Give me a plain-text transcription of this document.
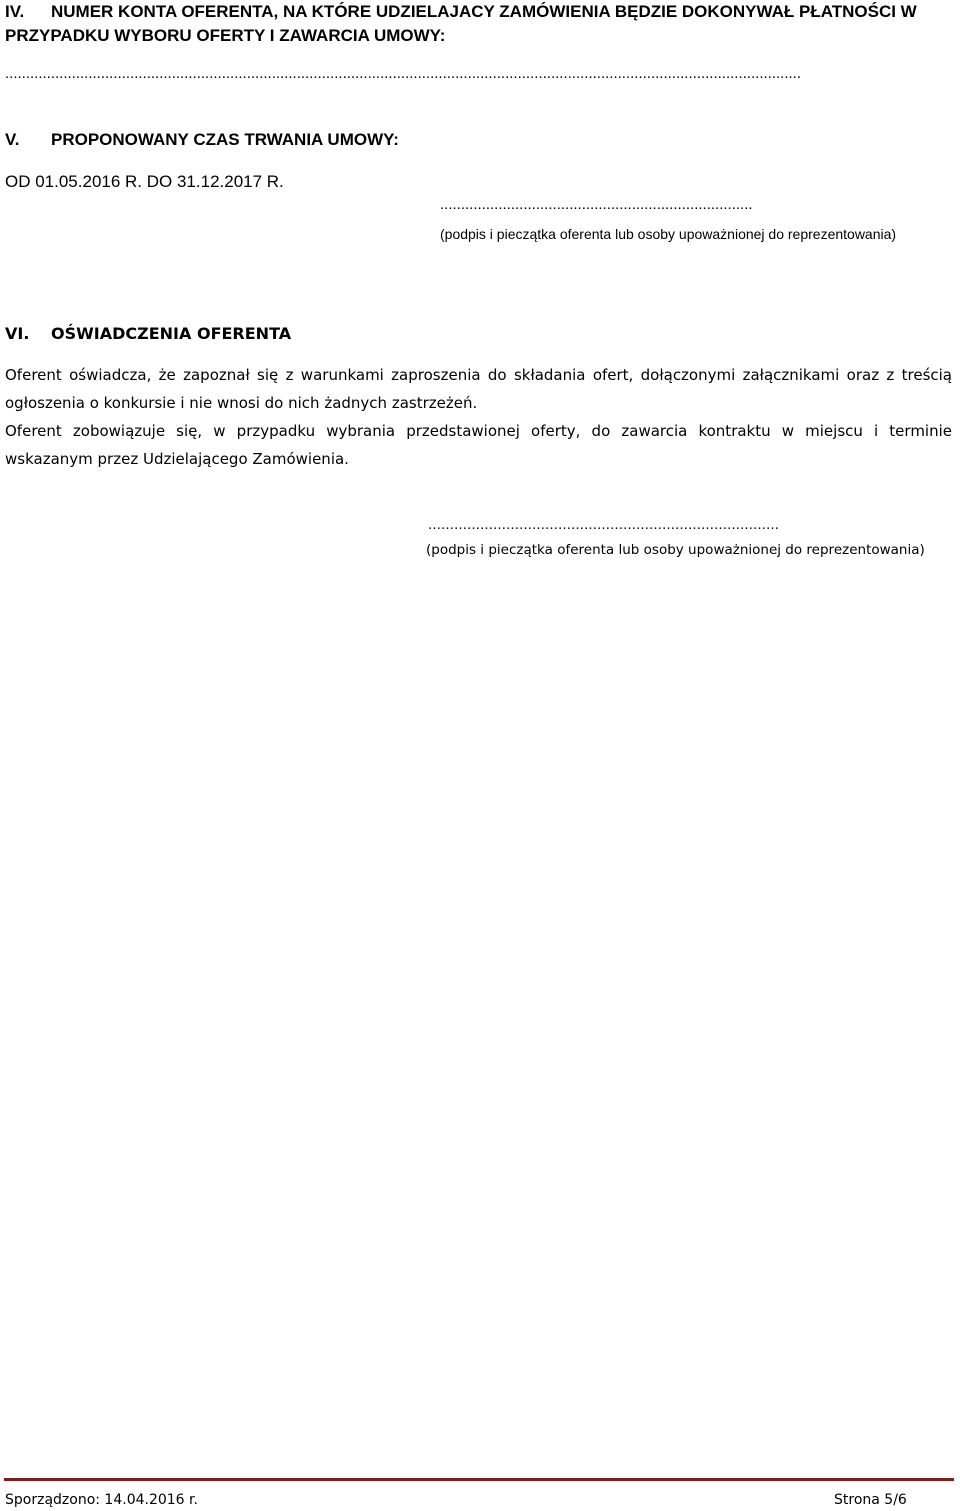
IV. NUMER KONTA OFERENTA, NA KTÓRE UDZIELAJACY ZAMÓWIENIA BĘDZIE DOKONYWAŁ PŁATNOŚCI W
PRZYPADKU WYBORU OFERTY I ZAWARCIA UMOWY:
...............................................................................................................................................................................................
V. PROPONOWANY CZAS TRWANIA UMOWY:
OD 01.05.2016 R. DO 31.12.2017 R.
...........................................................................
(podpis i pieczątka oferenta lub osoby upoważnionej do reprezentowania)
VI. OŚWIADCZENIA OFERENTA

Oferent oświadcza, że zapoznał się z warunkami zaproszenia do składania ofert, dołączonymi załącznikami oraz z treścią ogłoszenia o konkursie i nie wnosi do nich żadnych zastrzeżeń.

Oferent zobowiązuje się, w przypadku wybrania przedstawionej oferty, do zawarcia kontraktu w miejscu i terminie wskazanym przez Udzielającego Zamówienia.

………………………………………………………………………
(podpis i pieczątka oferenta lub osoby upoważnionej do reprezentowania)
Sporządzono: 14.04.2016 r.	Strona 5/6
